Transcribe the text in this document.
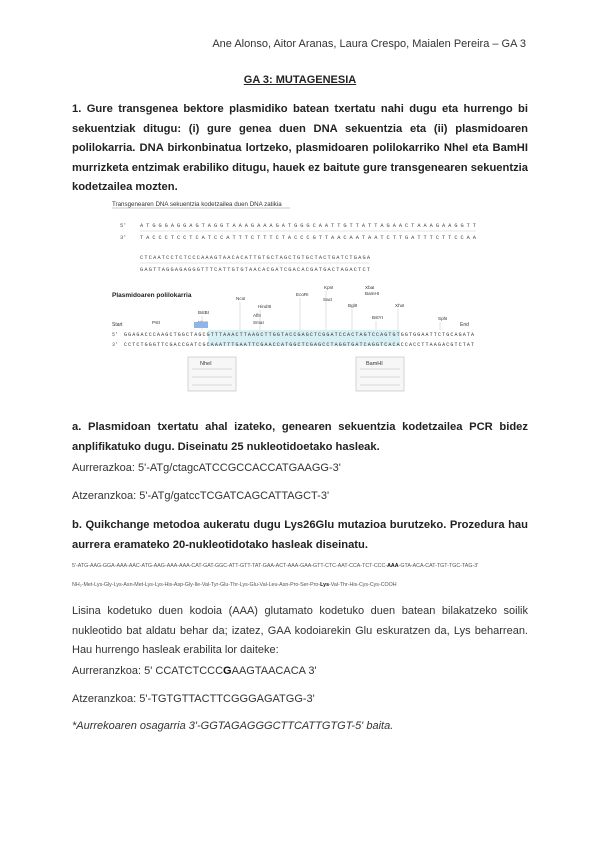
Ane Alonso, Aitor Aranas, Laura Crespo, Maialen Pereira – GA 3
GA 3: MUTAGENESIA
1. Gure transgenea bektore plasmidiko batean txertatu nahi dugu eta hurrengo bi sekuentziak ditugu: (i) gure genea duen DNA sekuentzia eta (ii) plasmidoaren polilokarria. DNA birkonbinatua lortzeko, plasmidoaren polilokarriko NheI eta BamHI murrizketa entzimak erabiliko ditugu, hauek ez baitute gure transgenearen sekuentzia kodetzailea mozten.
Transgenearen DNA sekuentzia kodetzailea duen DNA zatikia
5'
3'
ATGGGAGGAGTAGGTAAAGAAAGATGGGCAATTGTTATTAGAACTAAAGAAGGTT
TACCCTCCTCATCCATTTCTTTCTACCCGTTAACAATAATCTTGATTTCTTCCAA
CTCAATCCTCTCCCAAAGTAACACATTGTGCTAGCTGTGCTACTGATCTGAGA
GAGTTAGGAGAGGGTTTCATTGTGTAACACGATCGACACGATGACTAGACTCT
Plasmidoaren polilokarria
KpnI
EcoRI
SacI
BamHI
XbaI
BstBI
PstI
NcoI
AflII
HindIII
SmaI
BglII
BstYI
XhoI
SphI
Start	End
5'
3'
GGAGACCCAAGCTGGCTAGCGTTTAAACTTAAGCTTGGTACCGAGCTCGGATCCACTAGTCCAGTGTGGTGGAATTCTGCAGATA
CCTCTGGGTTCGACCGATCGCAAATTTGAATTCGAACCATGGCTCGAGCCTAGGTGATCAGGTCACACCACCTTAAGACGTCTAT
NheI	BamHI
a. Plasmidoan txertatu ahal izateko, genearen sekuentzia kodetzailea PCR bidez anplifikatuko dugu. Diseinatu 25 nukleotidoetako hasleak.
Aurrerazkoa: 5'-ATg/ctagcATCCGCCACCATGAAGG-3'
Atzeranzkoa: 5'-ATg/gatccTCGATCAGCATTAGCT-3'
b. Quikchange metodoa aukeratu dugu Lys26Glu mutazioa burutzeko. Prozedura hau aurrera eramateko 20-nukleotidotako hasleak diseinatu.
5'-ATG-AAG-GGA-AAA-AAC-ATG-AAG-AAA-AAA-CAT-GAT-GGC-ATT-GTT-TAT-GAA-ACT-AAA-GAA-GTT-CTC-AAT-CCA-TCT-CCC-AAA-GTA-ACA-CAT-TGT-TGC-TAG-3'
NH₂-Met-Lys-Gly-Lys-Asn-Met-Lys-Lys-His-Asp-Gly-Ile-Val-Tyr-Glu-Thr-Lys-Glu-Val-Leu-Asn-Pro-Ser-Pro-Lys-Val-Thr-His-Cys-Cys-COOH
Lisina kodetuko duen kodoia (AAA) glutamato kodetuko duen batean bilakatzeko soilik nukleotido bat aldatu behar da; izatez, GAA kodoiarekin Glu eskuratzen da, Lys beharrean. Hau hurrengo hasleak erabilita lor daiteke:
Aurreranzkoa: 5' CCATCTCCCGAAGTAACACA 3'
Atzeranzkoa: 5'-TGTGTTACTTCGGGAGATGG-3'
*Aurrekoaren osagarria 3'-GGTAGAGGGCTTCATTGTGT-5' baita.
